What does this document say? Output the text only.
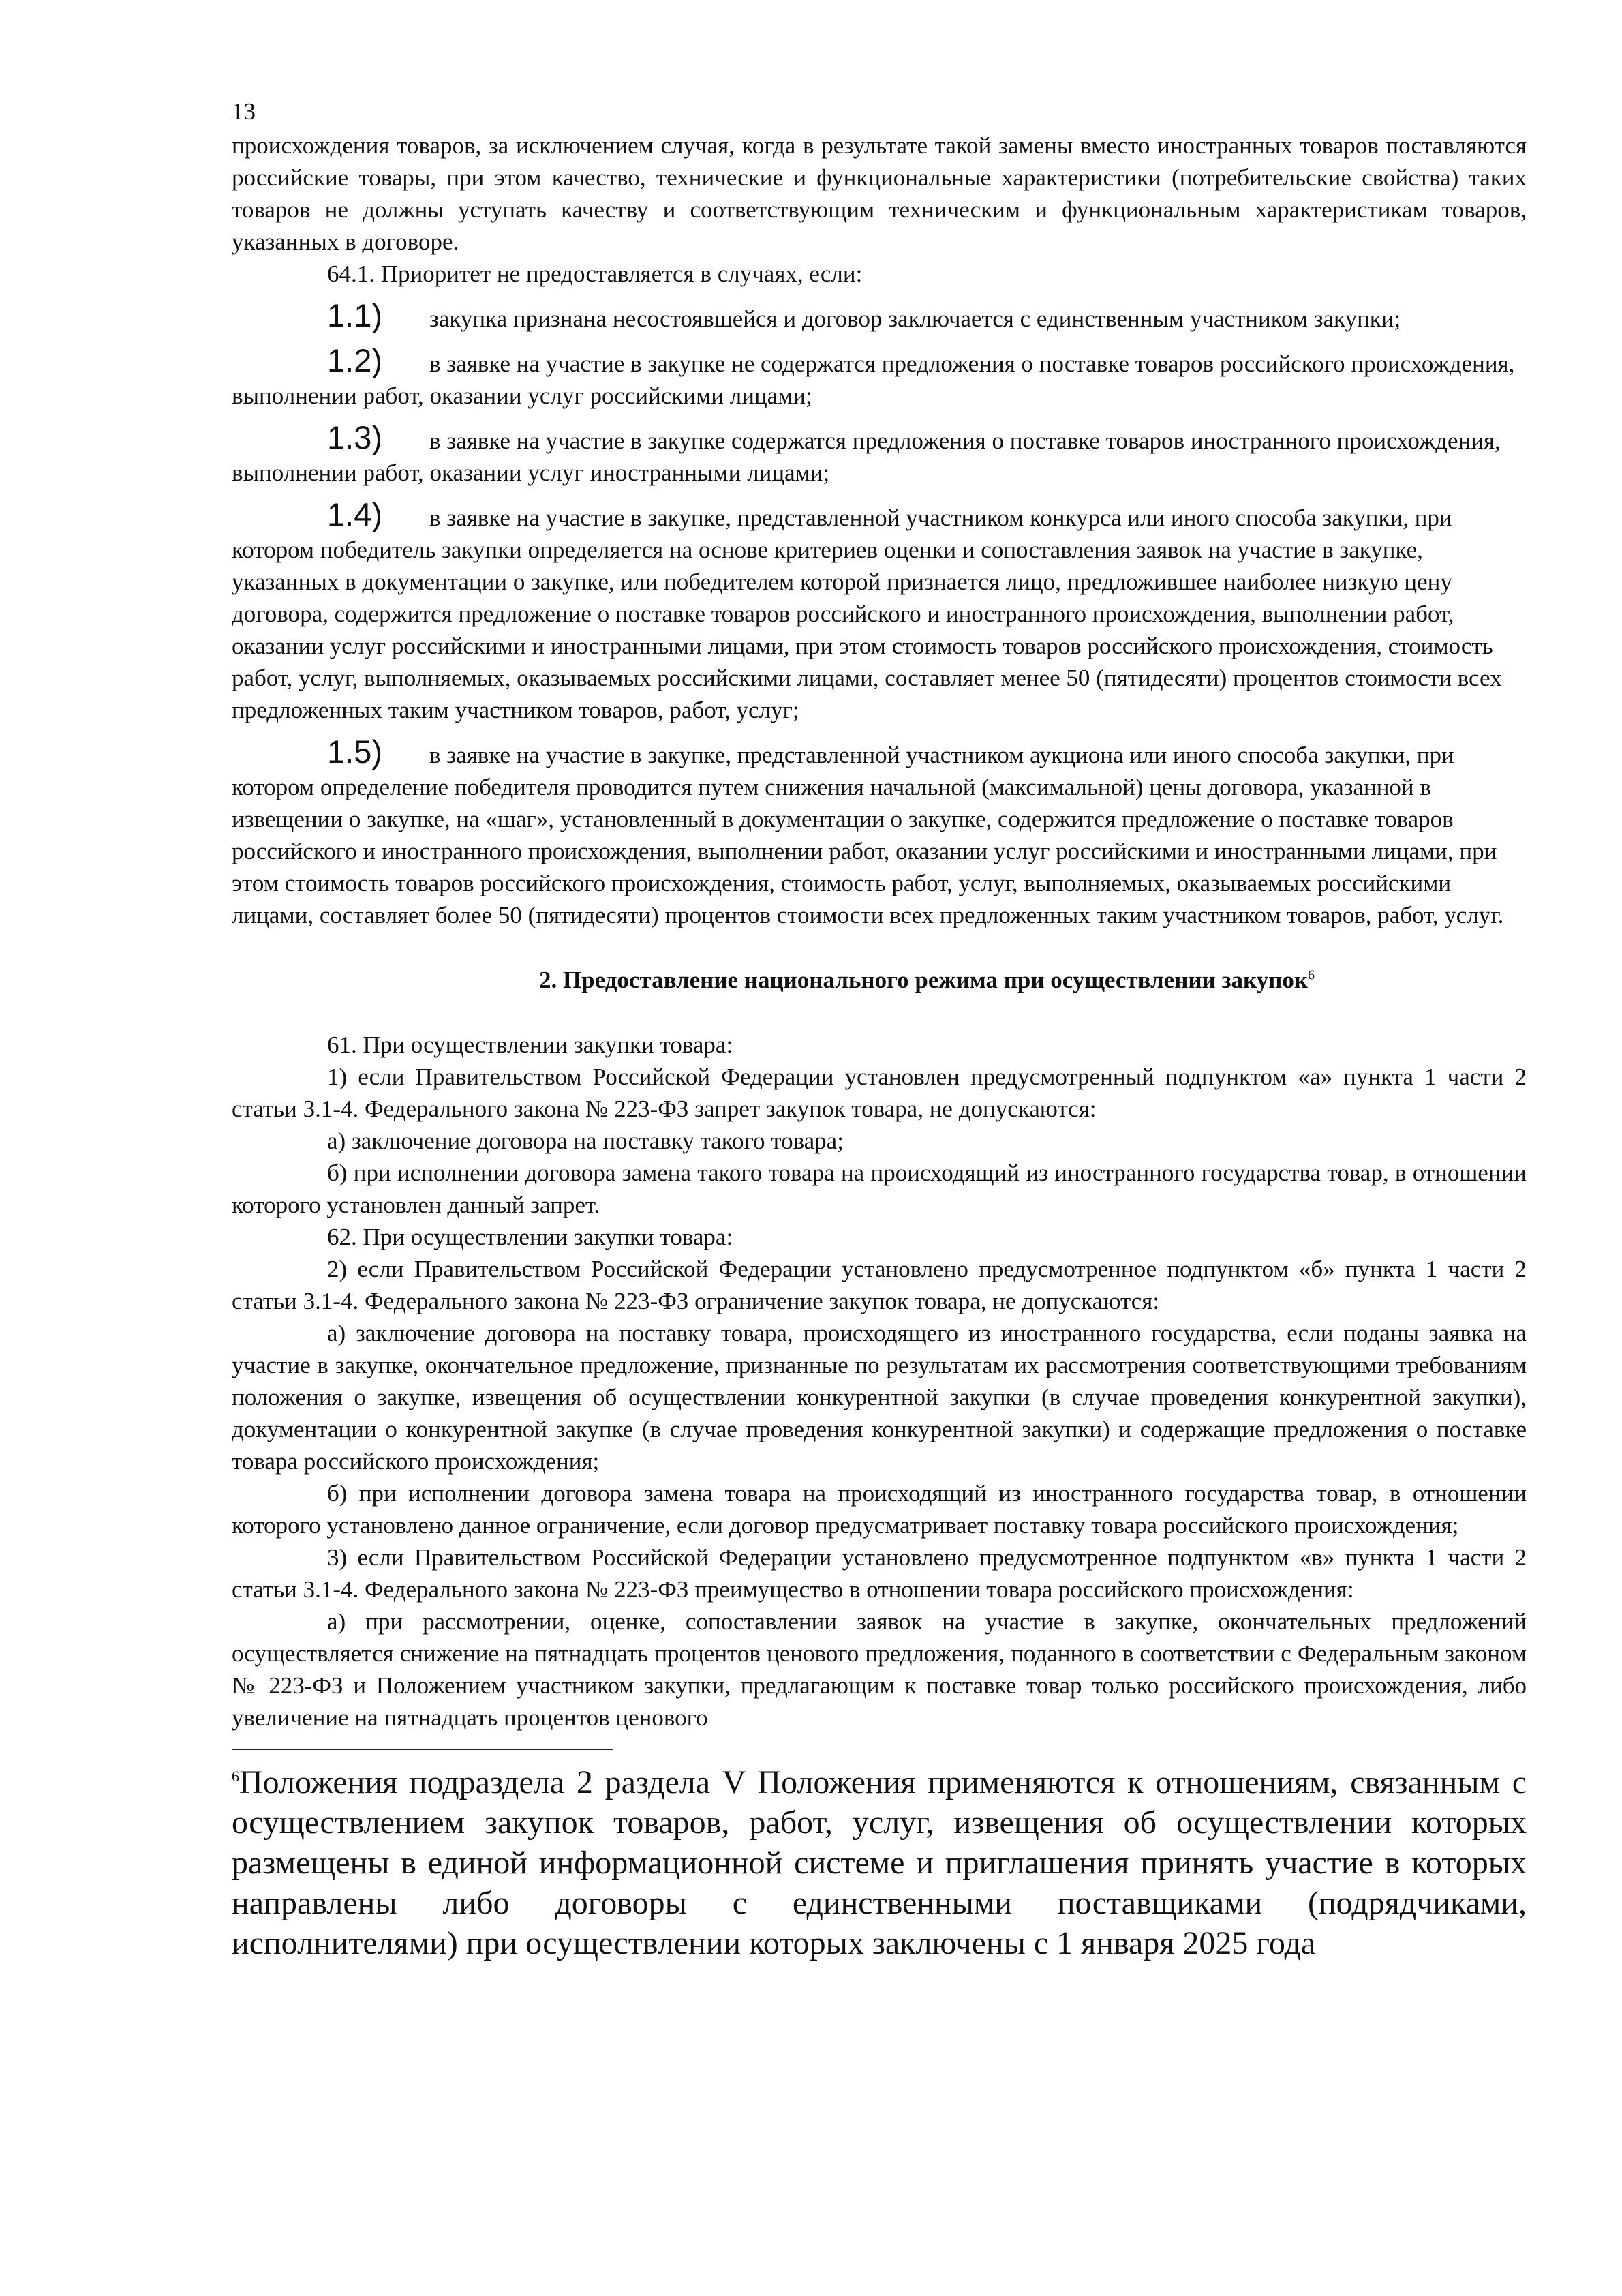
13

происхождения товаров, за исключением случая, когда в результате такой замены вместо иностранных товаров поставляются российские товары, при этом качество, технические и функциональные характеристики (потребительские свойства) таких товаров не должны уступать качеству и соответствующим техническим и функциональным характеристикам товаров, указанных в договоре.

64.1. Приоритет не предоставляется в случаях, если:

1.1) закупка признана несостоявшейся и договор заключается с единственным участником закупки;
1.2) в заявке на участие в закупке не содержатся предложения о поставке товаров российского происхождения, выполнении работ, оказании услуг российскими лицами;
1.3) в заявке на участие в закупке содержатся предложения о поставке товаров иностранного происхождения, выполнении работ, оказании услуг иностранными лицами;
1.4) в заявке на участие в закупке, представленной участником конкурса или иного способа закупки, при котором победитель закупки определяется на основе критериев оценки и сопоставления заявок на участие в закупке, указанных в документации о закупке, или победителем которой признается лицо, предложившее наиболее низкую цену договора, содержится предложение о поставке товаров российского и иностранного происхождения, выполнении работ, оказании услуг российскими и иностранными лицами, при этом стоимость товаров российского происхождения, стоимость работ, услуг, выполняемых, оказываемых российскими лицами, составляет менее 50 (пятидесяти) процентов стоимости всех предложенных таким участником товаров, работ, услуг;
1.5) в заявке на участие в закупке, представленной участником аукциона или иного способа закупки, при котором определение победителя проводится путем снижения начальной (максимальной) цены договора, указанной в извещении о закупке, на «шаг», установленный в документации о закупке, содержится предложение о поставке товаров российского и иностранного происхождения, выполнении работ, оказании услуг российскими и иностранными лицами, при этом стоимость товаров российского происхождения, стоимость работ, услуг, выполняемых, оказываемых российскими лицами, составляет более 50 (пятидесяти) процентов стоимости всех предложенных таким участником товаров, работ, услуг.
2. Предоставление национального режима при осуществлении закупок$^6$

61. При осуществлении закупки товара:

1) если Правительством Российской Федерации установлен предусмотренный подпунктом «а» пункта 1 части 2 статьи 3.1-4. Федерального закона № 223-ФЗ запрет закупок товара, не допускаются:

а) заключение договора на поставку такого товара;

б) при исполнении договора замена такого товара на происходящий из иностранного государства товар, в отношении которого установлен данный запрет.

62. При осуществлении закупки товара:

2) если Правительством Российской Федерации установлено предусмотренное подпунктом «б» пункта 1 части 2 статьи 3.1-4. Федерального закона № 223-ФЗ ограничение закупок товара, не допускаются:

а) заключение договора на поставку товара, происходящего из иностранного государства, если поданы заявка на участие в закупке, окончательное предложение, признанные по результатам их рассмотрения соответствующими требованиям положения о закупке, извещения об осуществлении конкурентной закупки (в случае проведения конкурентной закупки), документации о конкурентной закупке (в случае проведения конкурентной закупки) и содержащие предложения о поставке товара российского происхождения;

б) при исполнении договора замена товара на происходящий из иностранного государства товар, в отношении которого установлено данное ограничение, если договор предусматривает поставку товара российского происхождения;

3) если Правительством Российской Федерации установлено предусмотренное подпунктом «в» пункта 1 части 2 статьи 3.1-4. Федерального закона № 223-ФЗ преимущество в отношении товара российского происхождения:

а) при рассмотрении, оценке, сопоставлении заявок на участие в закупке, окончательных предложений осуществляется снижение на пятнадцать процентов ценового предложения, поданного в соответствии с Федеральным законом № 223-ФЗ и Положением участником закупки, предлагающим к поставке товар только российского происхождения, либо увеличение на пятнадцать процентов ценового

$^6$Положения подраздела 2 раздела V Положения применяются к отношениям, связанным с осуществлением закупок товаров, работ, услуг, извещения об осуществлении которых размещены в единой информационной системе и приглашения принять участие в которых направлены либо договоры с единственными поставщиками (подрядчиками, исполнителями) при осуществлении которых заключены с 1 января 2025 года
